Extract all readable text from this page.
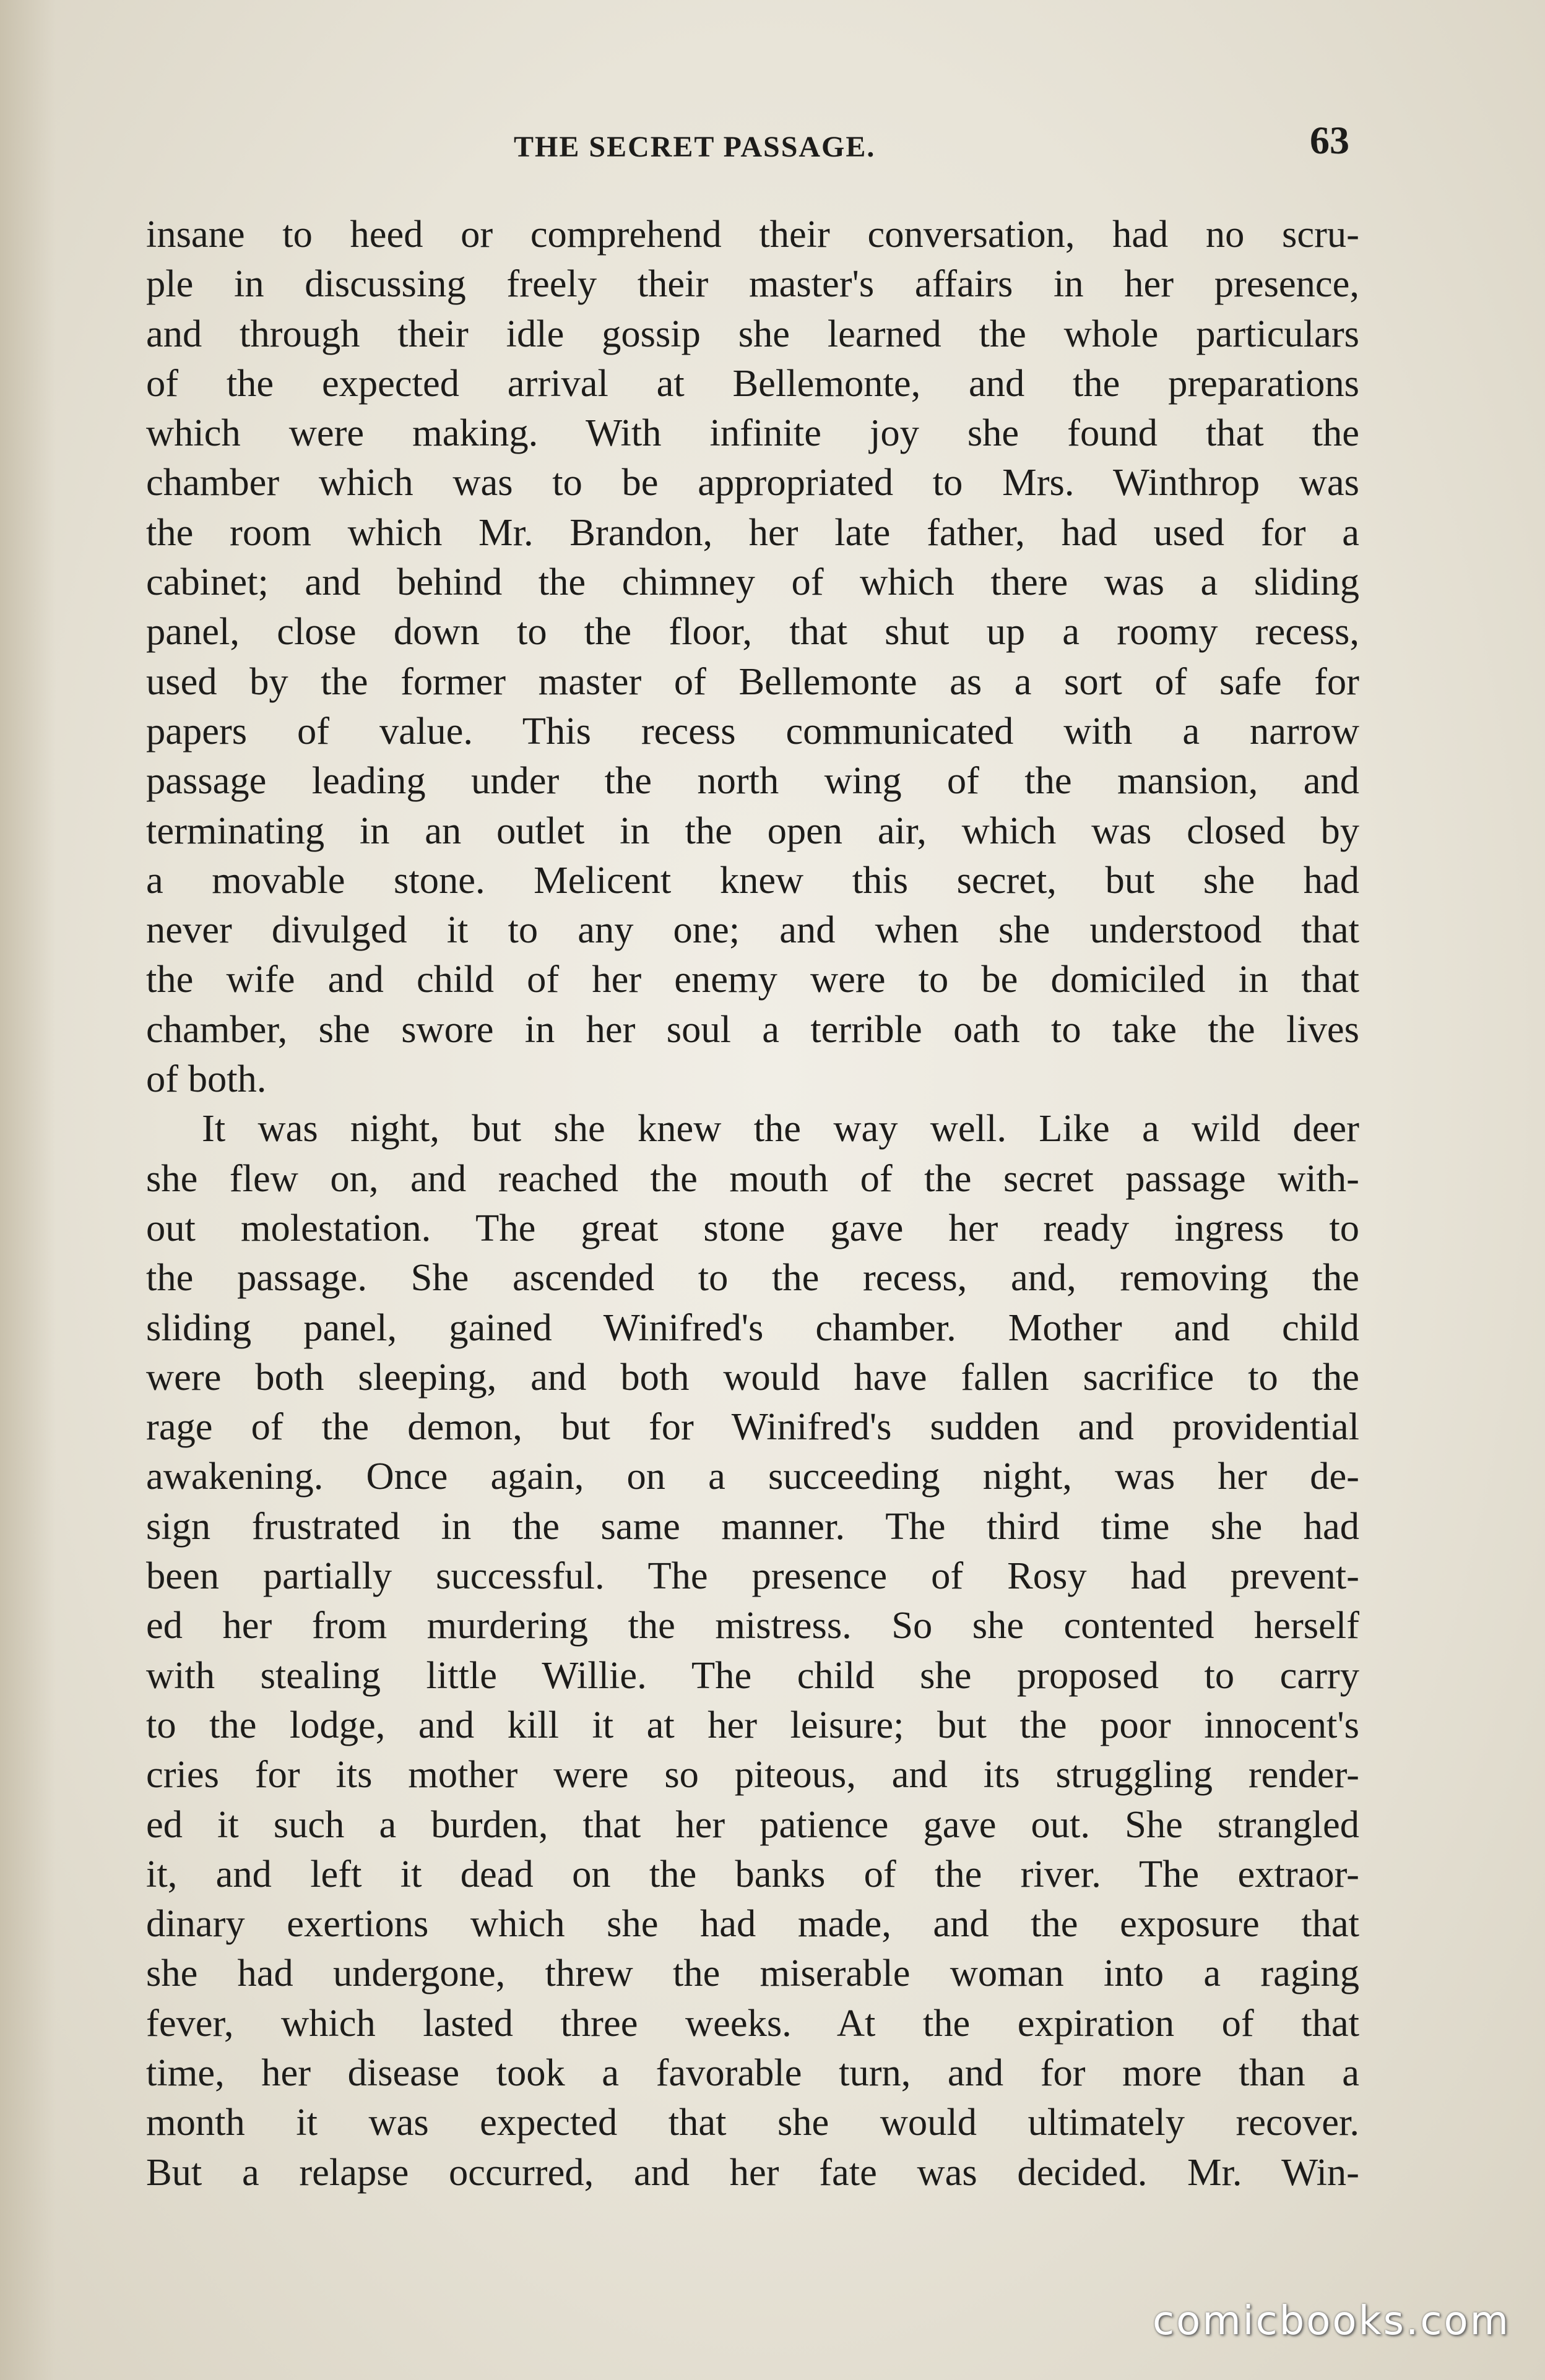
THE SECRET PASSAGE.	63
insane to heed or comprehend their conversation, had no scru-
ple in discussing freely their master's affairs in her presence,
and through their idle gossip she learned the whole particulars
of the expected arrival at Bellemonte, and the preparations
which were making. With infinite joy she found that the
chamber which was to be appropriated to Mrs. Winthrop was
the room which Mr. Brandon, her late father, had used for a
cabinet; and behind the chimney of which there was a sliding
panel, close down to the floor, that shut up a roomy recess,
used by the former master of Bellemonte as a sort of safe for
papers of value. This recess communicated with a narrow
passage leading under the north wing of the mansion, and
terminating in an outlet in the open air, which was closed by
a movable stone. Melicent knew this secret, but she had
never divulged it to any one; and when she understood that
the wife and child of her enemy were to be domiciled in that
chamber, she swore in her soul a terrible oath to take the lives
of both.
It was night, but she knew the way well. Like a wild deer
she flew on, and reached the mouth of the secret passage with-
out molestation. The great stone gave her ready ingress to
the passage. She ascended to the recess, and, removing the
sliding panel, gained Winifred's chamber. Mother and child
were both sleeping, and both would have fallen sacrifice to the
rage of the demon, but for Winifred's sudden and providential
awakening. Once again, on a succeeding night, was her de-
sign frustrated in the same manner. The third time she had
been partially successful. The presence of Rosy had prevent-
ed her from murdering the mistress. So she contented herself
with stealing little Willie. The child she proposed to carry
to the lodge, and kill it at her leisure; but the poor innocent's
cries for its mother were so piteous, and its struggling render-
ed it such a burden, that her patience gave out. She strangled
it, and left it dead on the banks of the river. The extraor-
dinary exertions which she had made, and the exposure that
she had undergone, threw the miserable woman into a raging
fever, which lasted three weeks. At the expiration of that
time, her disease took a favorable turn, and for more than a
month it was expected that she would ultimately recover.
But a relapse occurred, and her fate was decided. Mr. Win-
comicbooks.com
